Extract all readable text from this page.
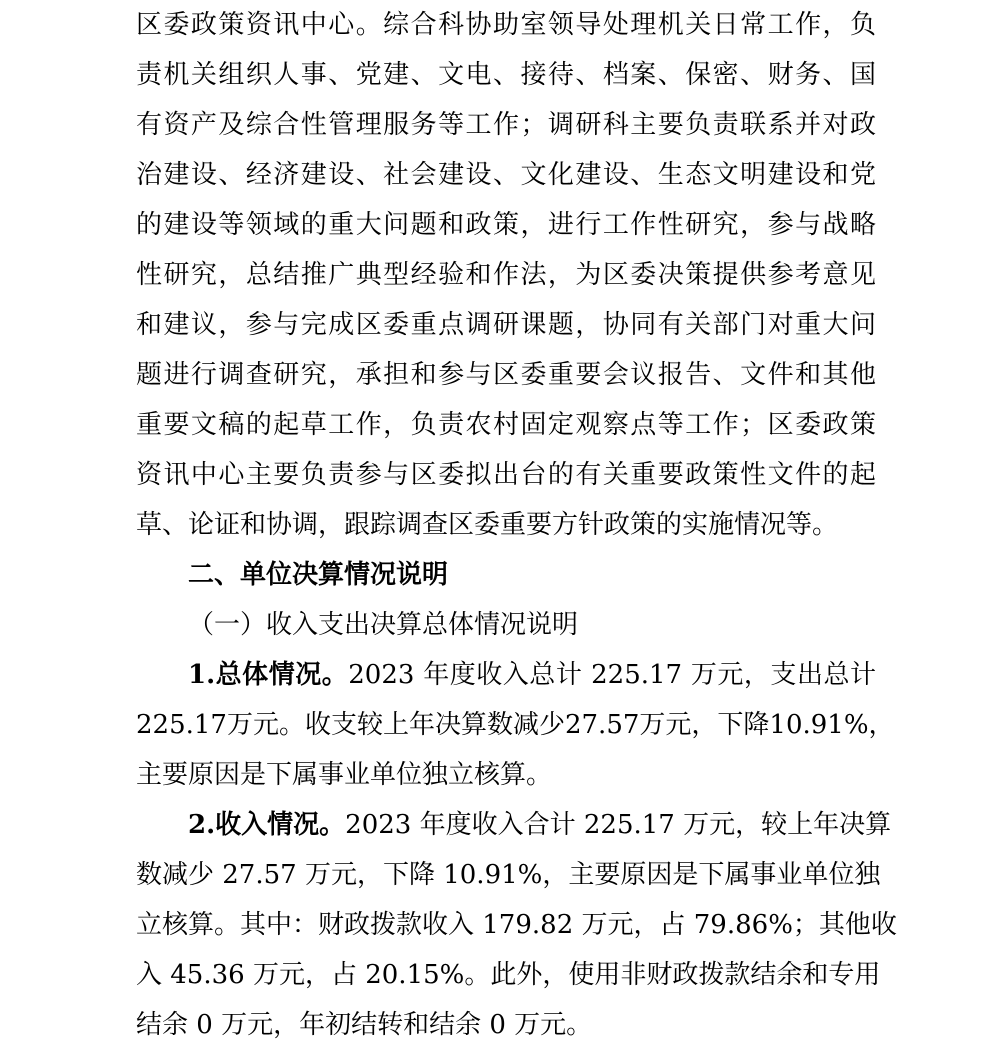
区委政策资讯中心。综合科协助室领导处理机关日常工作，负
责机关组织人事、党建、文电、接待、档案、保密、财务、国
有资产及综合性管理服务等工作；调研科主要负责联系并对政
治建设、经济建设、社会建设、文化建设、生态文明建设和党
的建设等领域的重大问题和政策，进行工作性研究，参与战略
性研究，总结推广典型经验和作法，为区委决策提供参考意见
和建议，参与完成区委重点调研课题，协同有关部门对重大问
题进行调查研究，承担和参与区委重要会议报告、文件和其他
重要文稿的起草工作，负责农村固定观察点等工作；区委政策
资讯中心主要负责参与区委拟出台的有关重要政策性文件的起
草、论证和协调，跟踪调查区委重要方针政策的实施情况等。
二、单位决算情况说明
（一）收入支出决算总体情况说明
1.总体情况。2023 年度收入总计 225.17 万元，支出总计
225.17万元。收支较上年决算数减少27.57万元，下降10.91%，
主要原因是下属事业单位独立核算。
2.收入情况。2023 年度收入合计 225.17 万元，较上年决算
数减少 27.57 万元，下降 10.91%，主要原因是下属事业单位独
立核算。其中：财政拨款收入 179.82 万元，占 79.86%；其他收
入 45.36 万元，占 20.15%。此外，使用非财政拨款结余和专用
结余 0 万元，年初结转和结余 0 万元。
